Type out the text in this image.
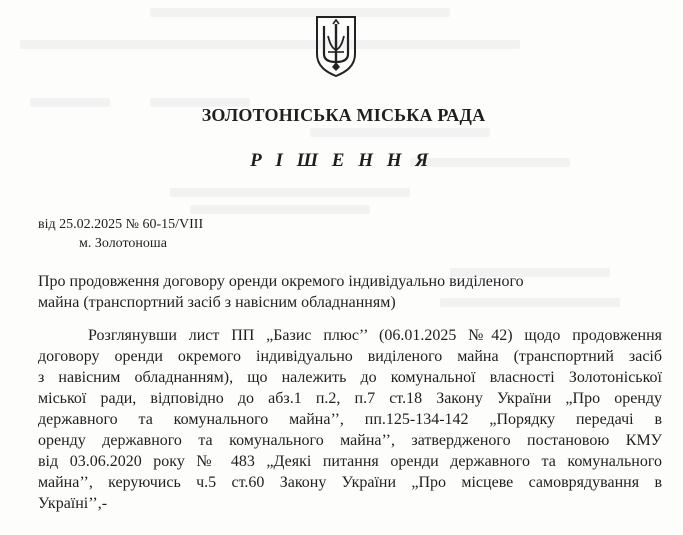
ЗОЛОТОНІСЬКА МІСЬКА РАДА
Р І Ш Е Н Н Я
від 25.02.2025 № 60-15/VIII
м. Золотоноша
Про продовження договору оренди окремого індивідуально виділеного
майна (транспортний засіб з навісним обладнанням)
Розглянувши лист ПП „Базис плюс’’ (06.01.2025 №42) щодо продовження
договору оренди окремого індивідуально виділеного майна (транспортний засіб
з навісним обладнанням), що належить до комунальної власності Золотоніської
міської ради, відповідно до абз.1 п.2, п.7 ст.18 Закону України „Про оренду
державного та комунального майна’’, пп.125-134-142 „Порядку передачі в
оренду державного та комунального майна’’, затвердженого постановою КМУ
від 03.06.2020 року № 483 „Деякі питання оренди державного та комунального
майна’’, керуючись ч.5 ст.60 Закону України „Про місцеве самоврядування в
Україні’’,-
